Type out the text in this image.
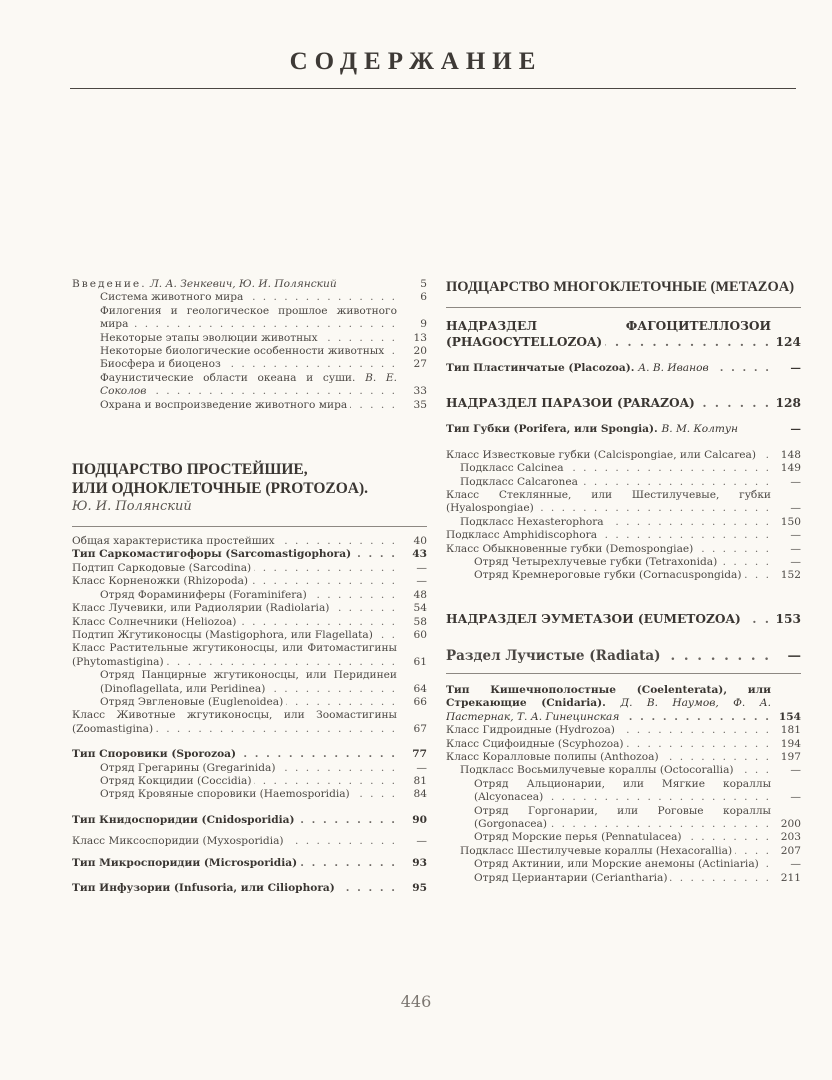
СОДЕРЖАНИЕ
Введение. Л. А. Зенкевич, Ю. И. Полянский	5
Система животного мира . . .	6
Филогения и геологическое прошлое животного мира . . .	9
Некоторые этапы эволюции животных . . .	13
Некоторые биологические особенности животных . . .	20
Биосфера и биоценоз . . .	27
Фаунистические области океана и суши. В. Е. Соколов . . .	33
Охрана и воспроизведение животного мира . . .	35
ПОДЦАРСТВО ПРОСТЕЙШИЕ,
ИЛИ ОДНОКЛЕТОЧНЫЕ (PROTOZOA).
Ю. И. Полянский
Общая характеристика простейших . . .	40
Тип Саркомастигофоры (Sarcomastigophora) . . .	43
Подтип Саркодовые (Sarcodina) . . .	—
Класс Корненожки (Rhizopoda) . . .	—
Отряд Фораминиферы (Foraminifera) . . .	48
Класс Лучевики, или Радиолярии (Radiolaria) . . .	54
Класс Солнечники (Heliozoa) . . .	58
Подтип Жгутиконосцы (Mastigophora, или Flagellata) . . .	60
Класс Растительные жгутиконосцы, или Фитомастигины (Phytomastigina) . . .	61
Отряд Панцирные жгутиконосцы, или Перидинеи (Dinoflagellata, или Peridinea) . . .	64
Отряд Эвгленовые (Euglenoidea) . . .	66
Класс Животные жгутиконосцы, или Зоомастигины (Zoomastigina) . . .	67
Тип Споровики (Sporozoa) . . .	77
Отряд Грегарины (Gregarinida) . . .	—
Отряд Кокцидии (Coccidia) . . .	81
Отряд Кровяные споровики (Haemosporidia) . . .	84
Тип Книдоспоридии (Cnidosporidia) . . .	90
Класс Миксоспоридии (Myxosporidia) . . .	—
Тип Микроспоридии (Microsporidia) . . .	93
Тип Инфузории (Infusoria, или Ciliophora) . . .	95
ПОДЦАРСТВО МНОГОКЛЕТОЧНЫЕ (METAZOA)
НАДРАЗДЕЛ ФАГОЦИТЕЛЛОЗОИ (PHAGOCYTELLOZOA) . . .	124
Тип Пластинчатые (Placozoa). А. В. Иванов . . .	—
НАДРАЗДЕЛ ПАРАЗОИ (PARAZOA) . . .	128
Тип Губки (Porifera, или Spongia). В. М. Колтун	—
Класс Известковые губки (Calcispongiae, или Calcarea) . . .	148
Подкласс Calcinea . . .	149
Подкласс Calcaronea . . .	—
Класс Стеклянные, или Шестилучевые, губки (Hyalospongiae) . . .	—
Подкласс Hexasterophora . . .	150
Подкласс Amphidiscophora . . .	—
Класс Обыкновенные губки (Demospongiae) . . .	—
Отряд Четырехлучевые губки (Tetraxonida) . . .	—
Отряд Кремнероговые губки (Cornacuspongida) . . .	152
НАДРАЗДЕЛ ЭУМЕТАЗОИ (EUMETOZOA) . . .	153
Раздел Лучистые (Radiata) . . .	—
Тип Кишечнополостные (Coelenterata), или Стрекающие (Cnidaria). Д. В. Наумов, Ф. А. Пастернак, Т. А. Гинецинская . . .	154
Класс Гидроидные (Hydrozoa) . . .	181
Класс Сцифоидные (Scyphozoa) . . .	194
Класс Коралловые полипы (Anthozoa) . . .	197
Подкласс Восьмилучевые кораллы (Octocorallia) . . .	—
Отряд Альционарии, или Мягкие кораллы (Alcyonacea) . . .	—
Отряд Горгонарии, или Роговые кораллы (Gorgonacea) . . .	200
Отряд Морские перья (Pennatulacea) . . .	203
Подкласс Шестилучевые кораллы (Hexacorallia) . . .	207
Отряд Актинии, или Морские анемоны (Actiniaria) . . .	—
Отряд Цериантарии (Ceriantharia) . . .	211
446
